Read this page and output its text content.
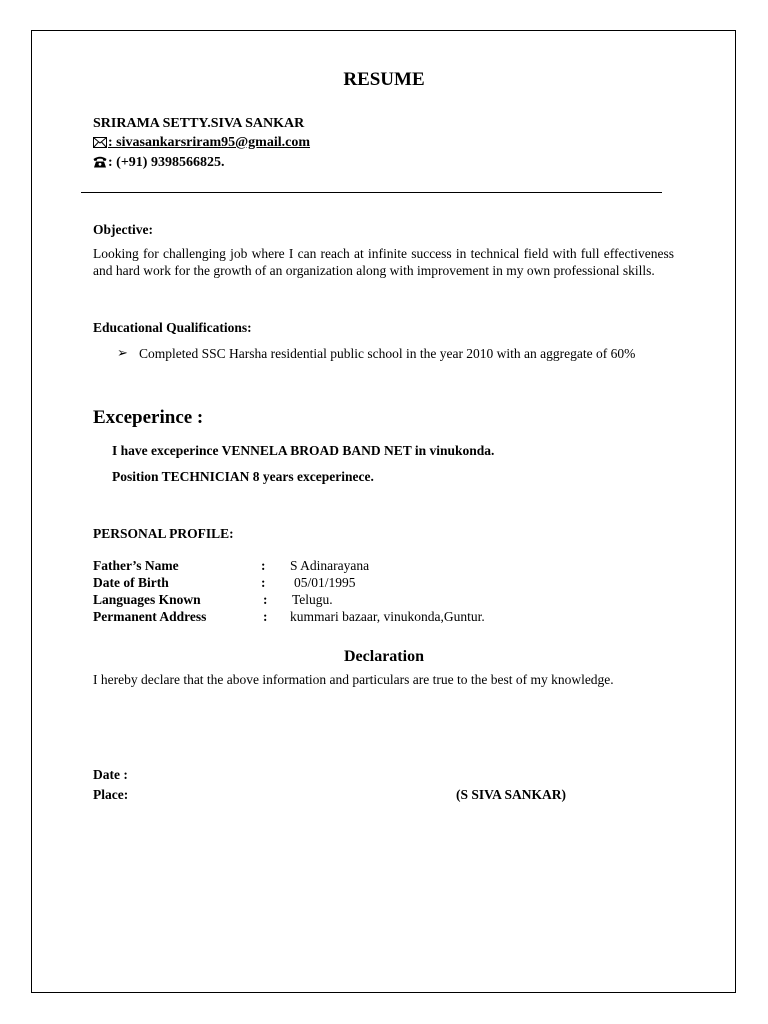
RESUME
SRIRAMA SETTY.SIVA SANKAR
: sivasankarsriram95@gmail.com
: (+91) 9398566825.
Objective:
Looking for challenging job where I can reach at infinite success in technical field with full effectiveness and hard work for the growth of an organization along with improvement in my own professional skills.
Educational Qualifications:
➢ Completed SSC Harsha residential public school in the year 2010 with an aggregate of 60%
Exceperince :
I have exceperince VENNELA BROAD BAND NET in vinukonda.
Position TECHNICIAN 8 years exceperinece.
PERSONAL PROFILE:
Father’s Name	: S Adinarayana
Date of Birth	: 05/01/1995
Languages Known	: Telugu.
Permanent Address	: kummari bazaar, vinukonda,Guntur.
Declaration
I hereby declare that the above information and particulars are true to the best of my knowledge.
Date :
Place:	(S SIVA SANKAR)
